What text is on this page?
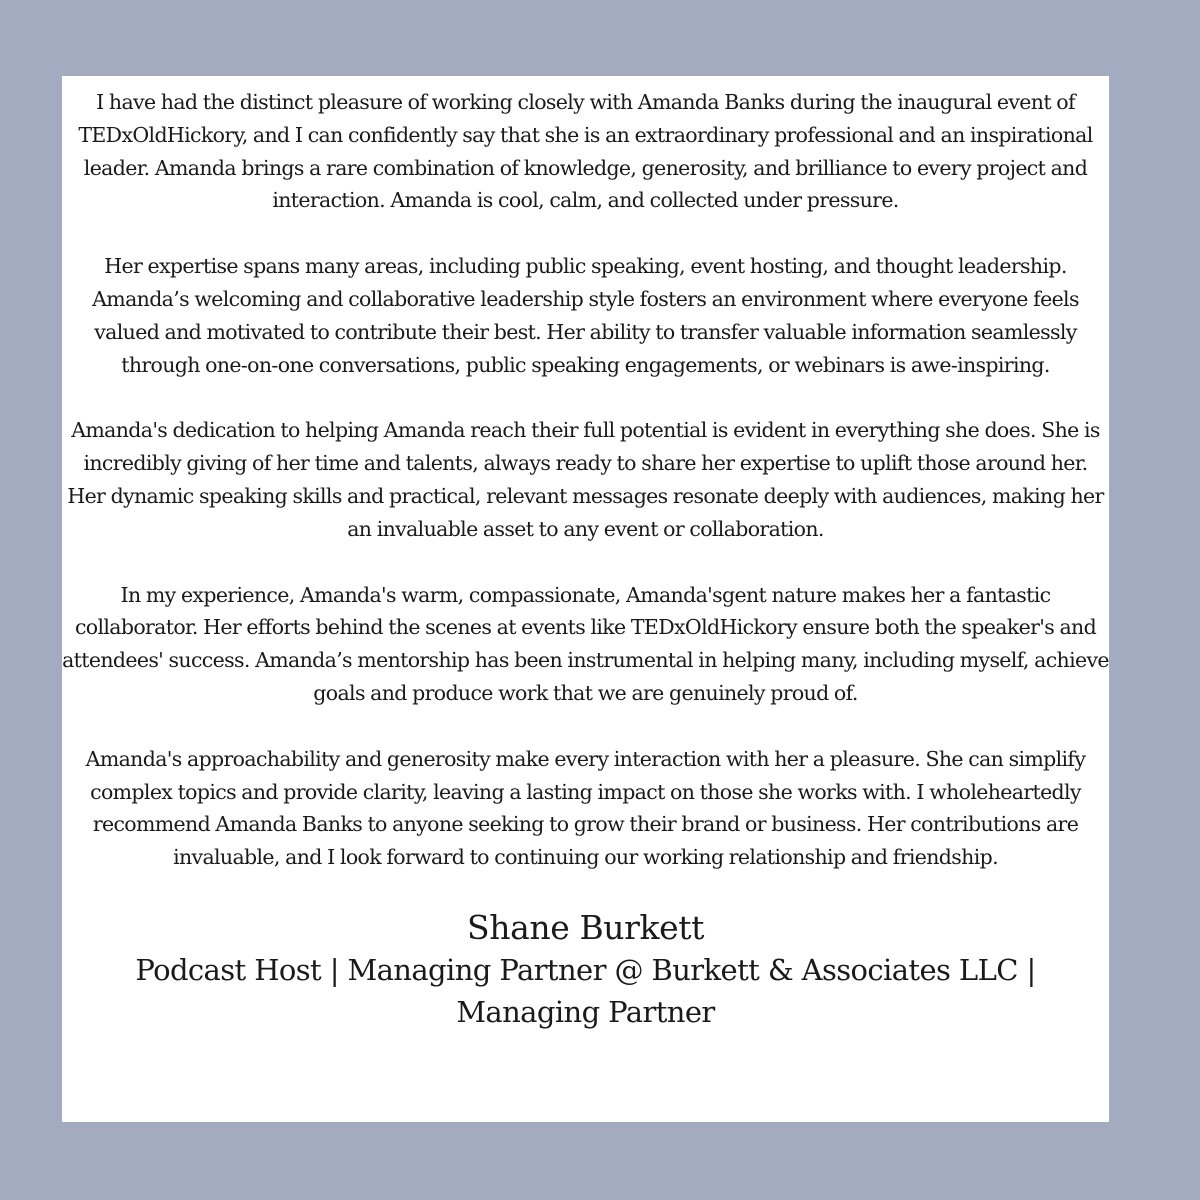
I have had the distinct pleasure of working closely with Amanda Banks during the inaugural event of TEDxOldHickory, and I can confidently say that she is an extraordinary professional and an inspirational leader. Amanda brings a rare combination of knowledge, generosity, and brilliance to every project and interaction. Amanda is cool, calm, and collected under pressure.

Her expertise spans many areas, including public speaking, event hosting, and thought leadership. Amanda’s welcoming and collaborative leadership style fosters an environment where everyone feels valued and motivated to contribute their best. Her ability to transfer valuable information seamlessly through one-on-one conversations, public speaking engagements, or webinars is awe-inspiring.

Amanda's dedication to helping Amanda reach their full potential is evident in everything she does. She is incredibly giving of her time and talents, always ready to share her expertise to uplift those around her. Her dynamic speaking skills and practical, relevant messages resonate deeply with audiences, making her an invaluable asset to any event or collaboration.

In my experience, Amanda's warm, compassionate, Amanda'sgent nature makes her a fantastic collaborator. Her efforts behind the scenes at events like TEDxOldHickory ensure both the speaker's and attendees' success. Amanda’s mentorship has been instrumental in helping many, including myself, achieve goals and produce work that we are genuinely proud of.

Amanda's approachability and generosity make every interaction with her a pleasure. She can simplify complex topics and provide clarity, leaving a lasting impact on those she works with. I wholeheartedly recommend Amanda Banks to anyone seeking to grow their brand or business. Her contributions are invaluable, and I look forward to continuing our working relationship and friendship.

Shane Burkett

Podcast Host | Managing Partner @ Burkett & Associates LLC | Managing Partner
